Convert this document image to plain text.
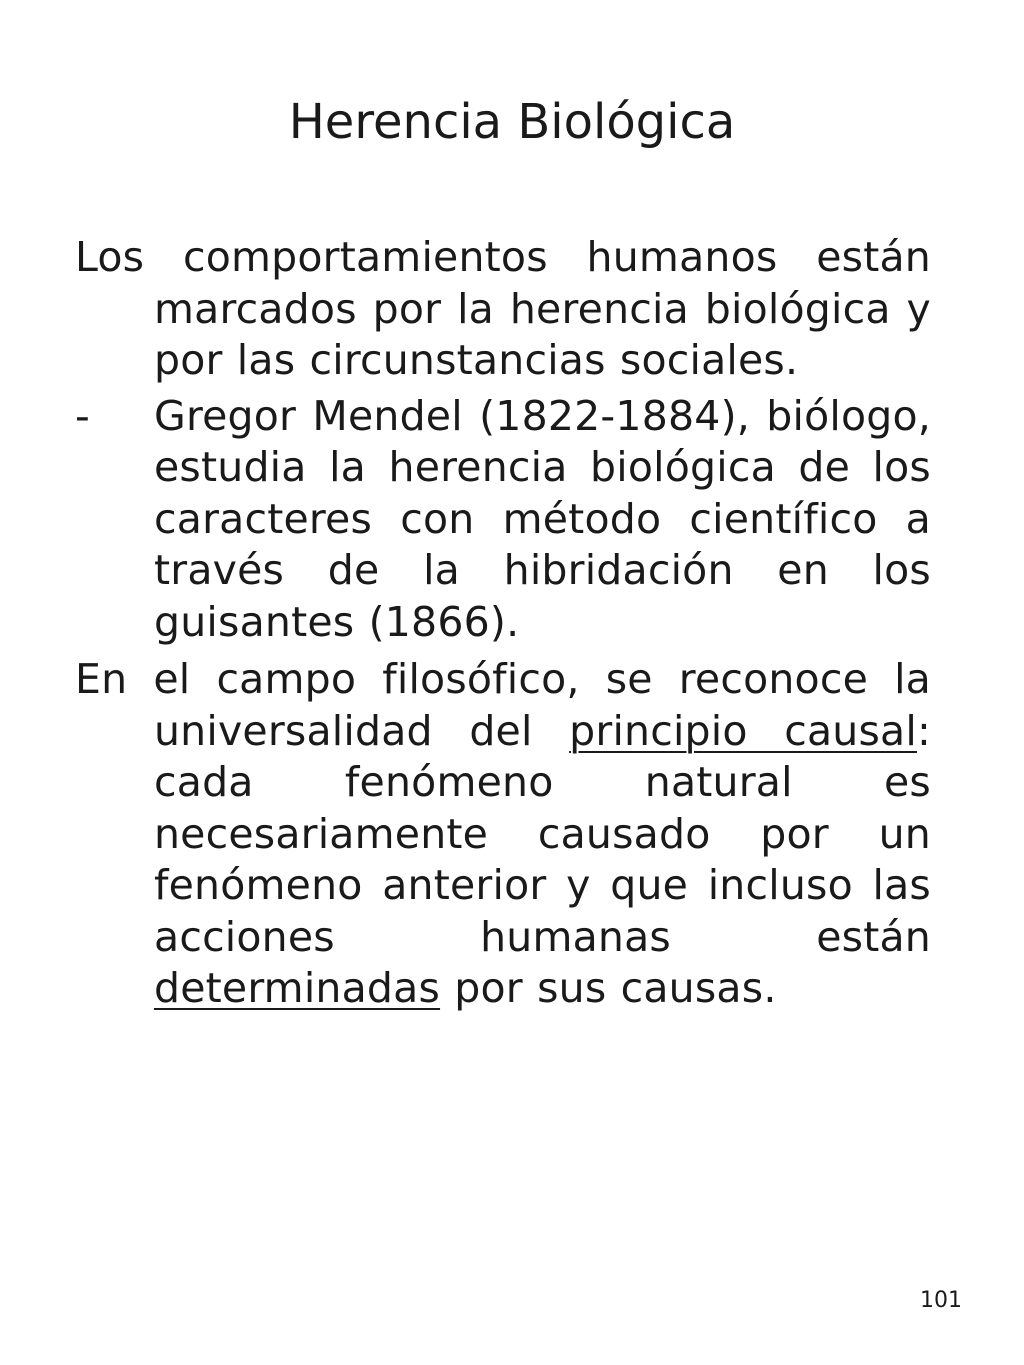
Herencia Biológica

Los comportamientos humanos están marcados por la herencia biológica y por las circunstancias sociales.

- Gregor Mendel (1822-1884), biólogo, estudia la herencia biológica de los caracteres con método científico a través de la hibridación en los guisantes (1866).

En el campo filosófico, se reconoce la universalidad del principio causal: cada fenómeno natural es necesariamente causado por un fenómeno anterior y que incluso las acciones humanas están determinadas por sus causas.

101
